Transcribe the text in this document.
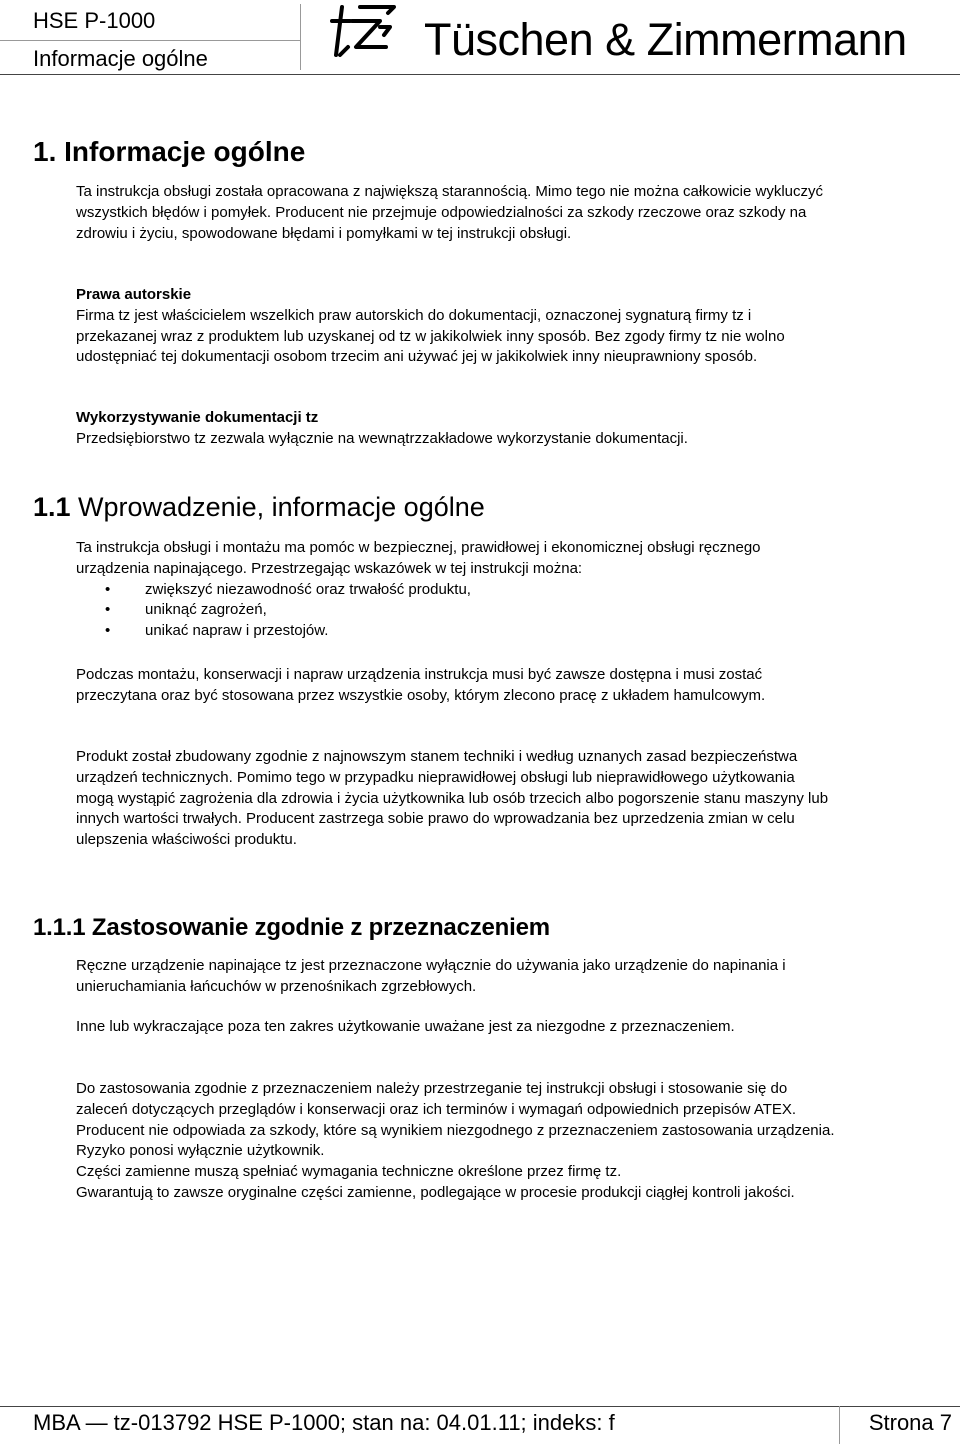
HSE P-1000
Informacje ogólne	Tüschen & Zimmermann
1. Informacje ogólne

Ta instrukcja obsługi została opracowana z największą starannością. Mimo tego nie można całkowicie wykluczyć wszystkich błędów i pomyłek. Producent nie przejmuje odpowiedzialności za szkody rzeczowe oraz szkody na zdrowiu i życiu, spowodowane błędami i pomyłkami w tej instrukcji obsługi.

Prawa autorskie

Firma tz jest właścicielem wszelkich praw autorskich do dokumentacji, oznaczonej sygnaturą firmy tz i przekazanej wraz z produktem lub uzyskanej od tz w jakikolwiek inny sposób. Bez zgody firmy tz nie wolno udostępniać tej dokumentacji osobom trzecim ani używać jej w jakikolwiek inny nieuprawniony sposób.

Wykorzystywanie dokumentacji tz

Przedsiębiorstwo tz zezwala wyłącznie na wewnątrzzakładowe wykorzystanie dokumentacji.

1.1 Wprowadzenie, informacje ogólne

Ta instrukcja obsługi i montażu ma pomóc w bezpiecznej, prawidłowej i ekonomicznej obsługi ręcznego urządzenia napinającego. Przestrzegając wskazówek w tej instrukcji można:

• zwiększyć niezawodność oraz trwałość produktu,
• uniknąć zagrożeń,
• unikać napraw i przestojów.

Podczas montażu, konserwacji i napraw urządzenia instrukcja musi być zawsze dostępna i musi zostać przeczytana oraz być stosowana przez wszystkie osoby, którym zlecono pracę z układem hamulcowym.

Produkt został zbudowany zgodnie z najnowszym stanem techniki i według uznanych zasad bezpieczeństwa urządzeń technicznych. Pomimo tego w przypadku nieprawidłowej obsługi lub nieprawidłowego użytkowania mogą wystąpić zagrożenia dla zdrowia i życia użytkownika lub osób trzecich albo pogorszenie stanu maszyny lub innych wartości trwałych. Producent zastrzega sobie prawo do wprowadzania bez uprzedzenia zmian w celu ulepszenia właściwości produktu.

1.1.1 Zastosowanie zgodnie z przeznaczeniem

Ręczne urządzenie napinające tz jest przeznaczone wyłącznie do używania jako urządzenie do napinania i unieruchamiania łańcuchów w przenośnikach zgrzebłowych.

Inne lub wykraczające poza ten zakres użytkowanie uważane jest za niezgodne z przeznaczeniem.

Do zastosowania zgodnie z przeznaczeniem należy przestrzeganie tej instrukcji obsługi i stosowanie się do zaleceń dotyczących przeglądów i konserwacji oraz ich terminów i wymagań odpowiednich przepisów ATEX.

Producent nie odpowiada za szkody, które są wynikiem niezgodnego z przeznaczeniem zastosowania urządzenia. Ryzyko ponosi wyłącznie użytkownik.

Części zamienne muszą spełniać wymagania techniczne określone przez firmę tz.

Gwarantują to zawsze oryginalne części zamienne, podlegające w procesie produkcji ciągłej kontroli jakości.

MBA — tz-013792 HSE P-1000; stan na: 04.01.11; indeks: f	Strona 7
